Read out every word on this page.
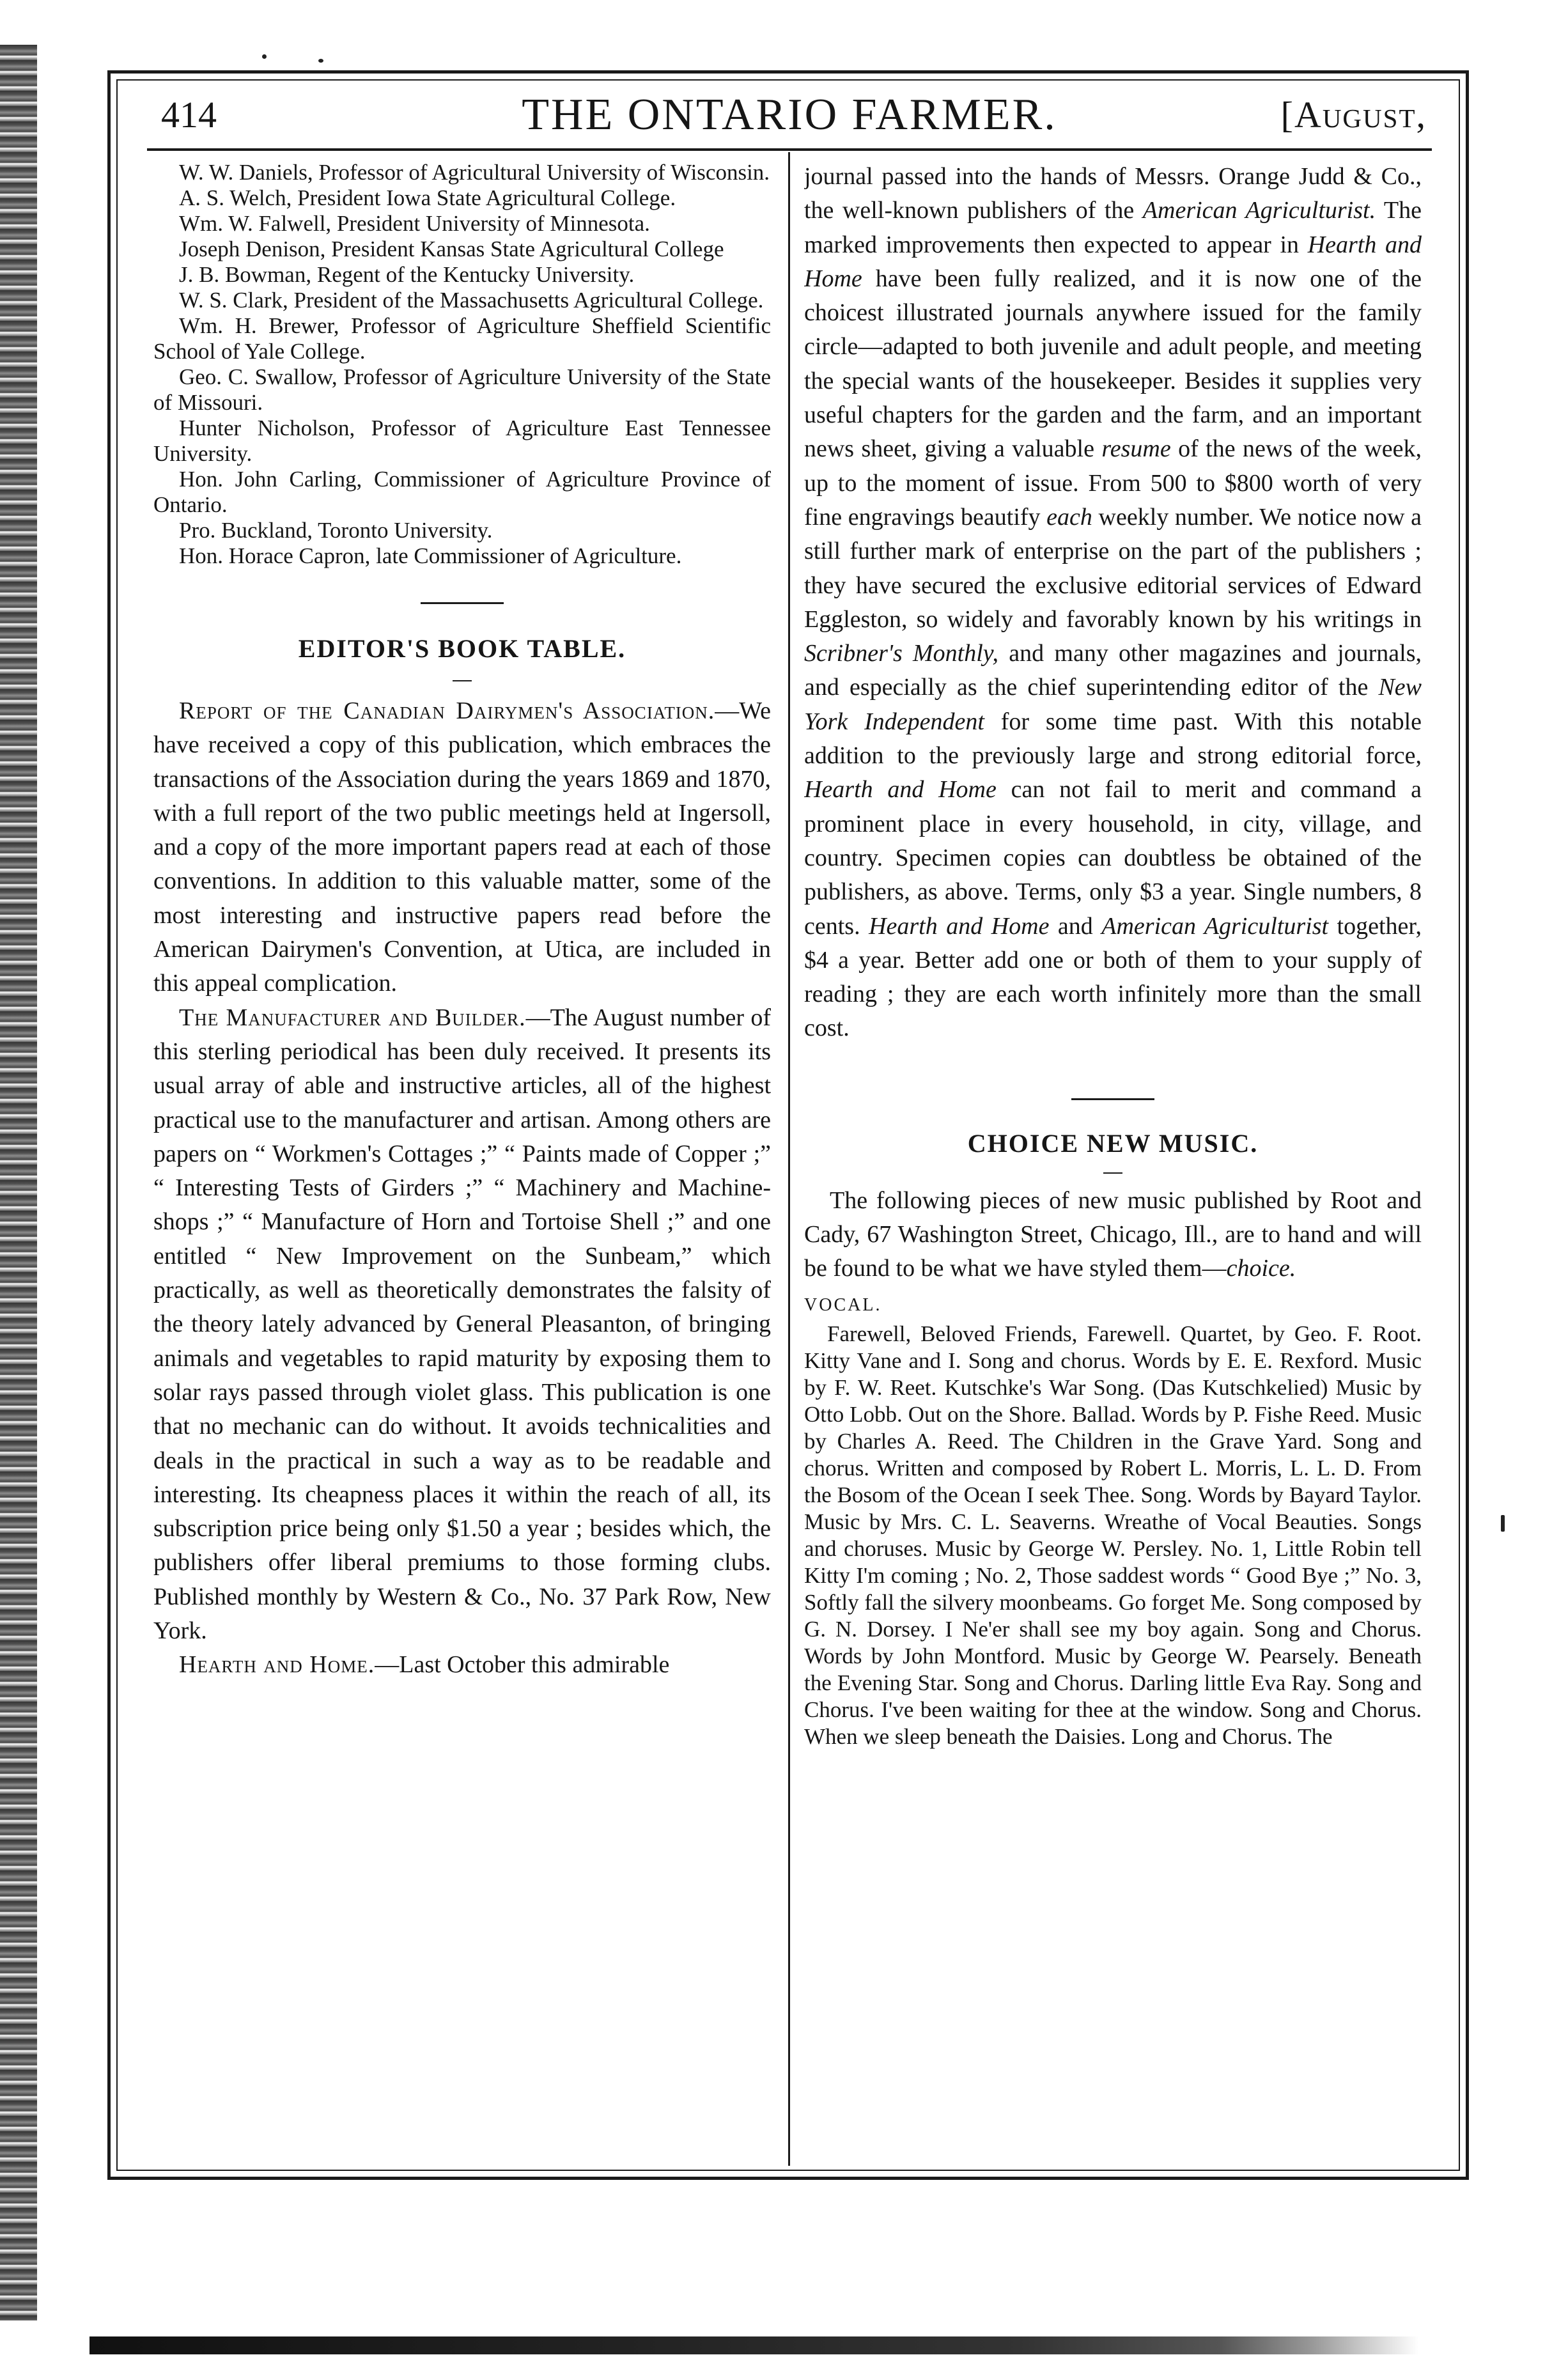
414	THE ONTARIO FARMER.	[August,

W. W. Daniels, Professor of Agricultural University of Wisconsin.

A. S. Welch, President Iowa State Agricultural College.

Wm. W. Falwell, President University of Minnesota.

Joseph Denison, President Kansas State Agricultural College

J. B. Bowman, Regent of the Kentucky University.

W. S. Clark, President of the Massachusetts Agricultural College.

Wm. H. Brewer, Professor of Agriculture Sheffield Scientific School of Yale College.

Geo. C. Swallow, Professor of Agriculture University of the State of Missouri.

Hunter Nicholson, Professor of Agriculture East Tennessee University.

Hon. John Carling, Commissioner of Agriculture Province of Ontario.

Pro. Buckland, Toronto University.

Hon. Horace Capron, late Commissioner of Agriculture.

EDITOR'S BOOK TABLE.

Report of the Canadian Dairymen's Association.—We have received a copy of this publication, which embraces the transactions of the Association during the years 1869 and 1870, with a full report of the two public meetings held at Ingersoll, and a copy of the more important papers read at each of those conventions. In addition to this valuable matter, some of the most interesting and instructive papers read before the American Dairymen's Convention, at Utica, are included in this appeal complication.

The Manufacturer and Builder.—The August number of this sterling periodical has been duly received. It presents its usual array of able and instructive articles, all of the highest practical use to the manufacturer and artisan. Among others are papers on “ Workmen's Cottages ;” “ Paints made of Copper ;” “ Interesting Tests of Girders ;” “ Machinery and Machine-shops ;” “ Manufacture of Horn and Tortoise Shell ;” and one entitled “ New Improvement on the Sunbeam,” which practically, as well as theoretically demonstrates the falsity of the theory lately advanced by General Pleasanton, of bringing animals and vegetables to rapid maturity by exposing them to solar rays passed through violet glass. This publication is one that no mechanic can do without. It avoids technicalities and deals in the practical in such a way as to be readable and interesting. Its cheapness places it within the reach of all, its subscription price being only $1.50 a year ; besides which, the publishers offer liberal premiums to those forming clubs. Published monthly by Western & Co., No. 37 Park Row, New York.

Hearth and Home.—Last October this admirable

journal passed into the hands of Messrs. Orange Judd & Co., the well-known publishers of the American Agriculturist. The marked improvements then expected to appear in Hearth and Home have been fully realized, and it is now one of the choicest illustrated journals anywhere issued for the family circle—adapted to both juvenile and adult people, and meeting the special wants of the housekeeper. Besides it supplies very useful chapters for the garden and the farm, and an important news sheet, giving a valuable resume of the news of the week, up to the moment of issue. From 500 to $800 worth of very fine engravings beautify each weekly number. We notice now a still further mark of enterprise on the part of the publishers ; they have secured the exclusive editorial services of Edward Eggleston, so widely and favorably known by his writings in Scribner's Monthly, and many other magazines and journals, and especially as the chief superintending editor of the New York Independent for some time past. With this notable addition to the previously large and strong editorial force, Hearth and Home can not fail to merit and command a prominent place in every household, in city, village, and country. Specimen copies can doubtless be obtained of the publishers, as above. Terms, only $3 a year. Single numbers, 8 cents. Hearth and Home and American Agriculturist together, $4 a year. Better add one or both of them to your supply of reading ; they are each worth infinitely more than the small cost.

CHOICE NEW MUSIC.

The following pieces of new music published by Root and Cady, 67 Washington Street, Chicago, Ill., are to hand and will be found to be what we have styled them—choice.

VOCAL.

Farewell, Beloved Friends, Farewell. Quartet, by Geo. F. Root. Kitty Vane and I. Song and chorus. Words by E. E. Rexford. Music by F. W. Reet. Kutschke's War Song. (Das Kutschkelied) Music by Otto Lobb. Out on the Shore. Ballad. Words by P. Fishe Reed. Music by Charles A. Reed. The Children in the Grave Yard. Song and chorus. Written and composed by Robert L. Morris, L. L. D. From the Bosom of the Ocean I seek Thee. Song. Words by Bayard Taylor. Music by Mrs. C. L. Seaverns. Wreathe of Vocal Beauties. Songs and choruses. Music by George W. Persley. No. 1, Little Robin tell Kitty I'm coming ; No. 2, Those saddest words “ Good Bye ;” No. 3, Softly fall the silvery moonbeams. Go forget Me. Song composed by G. N. Dorsey. I Ne'er shall see my boy again. Song and Chorus. Words by John Montford. Music by George W. Pearsely. Beneath the Evening Star. Song and Chorus. Darling little Eva Ray. Song and Chorus. I've been waiting for thee at the window. Song and Chorus. When we sleep beneath the Daisies. Long and Chorus. The
